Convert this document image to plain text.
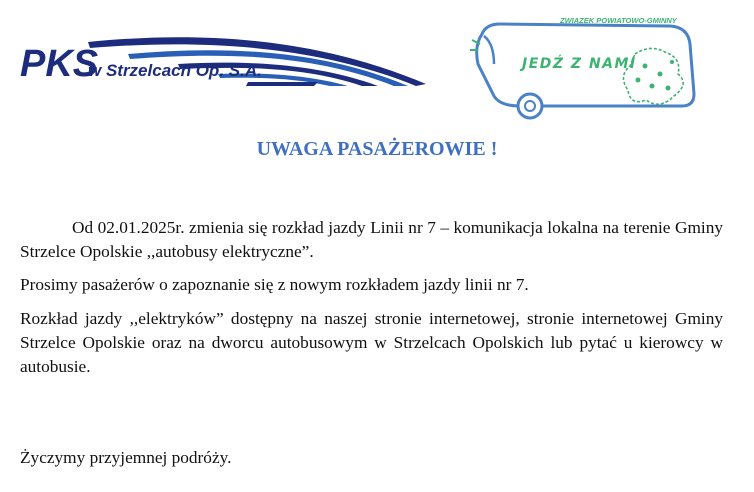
PKS
w Strzelcach Op. S.A.
ZWIĄZEK POWIATOWO-GMINNY
JEDŹ Z NAMI
UWAGA PASAŻEROWIE !

Od 02.01.2025r. zmienia się rozkład jazdy Linii nr 7 – komunikacja lokalna na terenie Gminy Strzelce Opolskie ,,autobusy elektryczne”.

Prosimy pasażerów o zapoznanie się z nowym rozkładem jazdy linii nr 7.

Rozkład jazdy ,,elektryków” dostępny na naszej stronie internetowej, stronie internetowej Gminy Strzelce Opolskie oraz na dworcu autobusowym w Strzelcach Opolskich lub pytać u kierowcy w autobusie.

Życzymy przyjemnej podróży.
